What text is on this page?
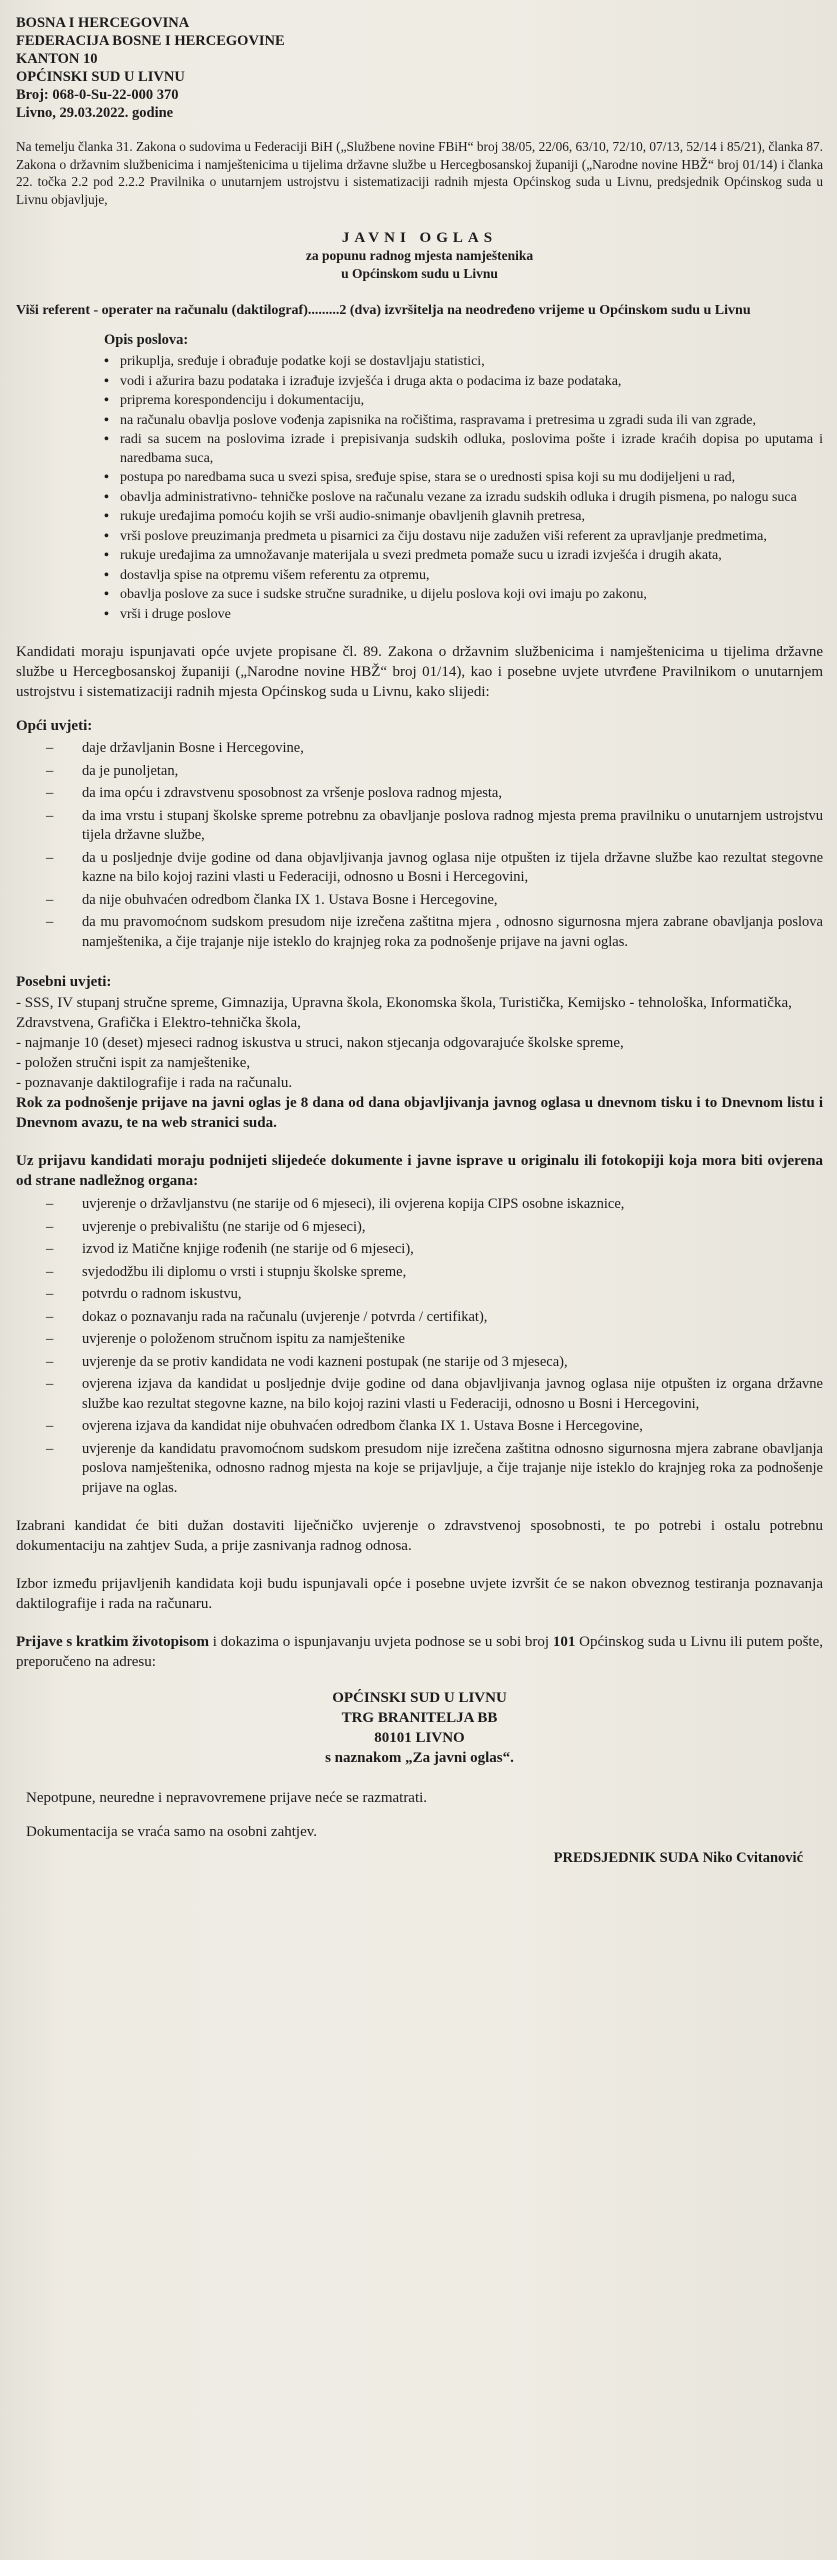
BOSNA I HERCEGOVINA
FEDERACIJA BOSNE I HERCEGOVINE
KANTON 10
OPĆINSKI SUD U LIVNU
Broj: 068-0-Su-22-000 370
Livno, 29.03.2022. godine

Na temelju članka 31. Zakona o sudovima u Federaciji BiH („Službene novine FBiH“ broj 38/05, 22/06, 63/10, 72/10, 07/13, 52/14 i 85/21), članka 87. Zakona o državnim službenicima i namještenicima u tijelima državne službe u Hercegbosanskoj županiji („Narodne novine HBŽ“ broj 01/14) i članka 22. točka 2.2 pod 2.2.2 Pravilnika o unutarnjem ustrojstvu i sistematizaciji radnih mjesta Općinskog suda u Livnu, predsjednik Općinskog suda u Livnu objavljuje,

JAVNI OGLAS
za popunu radnog mjesta namještenika
u Općinskom sudu u Livnu

Viši referent - operater na računalu (daktilograf).........2 (dva) izvršitelja na neodređeno vrijeme u Općinskom sudu u Livnu

Opis poslova:
• prikuplja, sređuje i obrađuje podatke koji se dostavljaju statistici,
• vodi i ažurira bazu podataka i izrađuje izvješća i druga akta o podacima iz baze podataka,
• priprema korespondenciju i dokumentaciju,
• na računalu obavlja poslove vođenja zapisnika na ročištima, raspravama i pretresima u zgradi suda ili van zgrade,
• radi sa sucem na poslovima izrade i prepisivanja sudskih odluka, poslovima pošte i izrade kraćih dopisa po uputama i naredbama suca,
• postupa po naredbama suca u svezi spisa, sređuje spise, stara se o urednosti spisa koji su mu dodijeljeni u rad,
• obavlja administrativno- tehničke poslove na računalu vezane za izradu sudskih odluka i drugih pismena, po nalogu suca
• rukuje uređajima pomoću kojih se vrši audio-snimanje obavljenih glavnih pretresa,
• vrši poslove preuzimanja predmeta u pisarnici za čiju dostavu nije zadužen viši referent za upravljanje predmetima,
• rukuje uređajima za umnožavanje materijala u svezi predmeta pomaže sucu u izradi izvješća i drugih akata,
• dostavlja spise na otpremu višem referentu za otpremu,
• obavlja poslove za suce i sudske stručne suradnike, u dijelu poslova koji ovi imaju po zakonu,
• vrši i druge poslove

Kandidati moraju ispunjavati opće uvjete propisane čl. 89. Zakona o državnim službenicima i namještenicima u tijelima državne službe u Hercegbosanskoj županiji („Narodne novine HBŽ“ broj 01/14), kao i posebne uvjete utvrđene Pravilnikom o unutarnjem ustrojstvu i sistematizaciji radnih mjesta Općinskog suda u Livnu, kako slijedi:

Opći uvjeti:
– daje državljanin Bosne i Hercegovine,
– da je punoljetan,
– da ima opću i zdravstvenu sposobnost za vršenje poslova radnog mjesta,
– da ima vrstu i stupanj školske spreme potrebnu za obavljanje poslova radnog mjesta prema pravilniku o unutarnjem ustrojstvu tijela državne službe,
– da u posljednje dvije godine od dana objavljivanja javnog oglasa nije otpušten iz tijela državne službe kao rezultat stegovne kazne na bilo kojoj razini vlasti u Federaciji, odnosno u Bosni i Hercegovini,
– da nije obuhvaćen odredbom članka IX 1. Ustava Bosne i Hercegovine,
– da mu pravomoćnom sudskom presudom nije izrečena zaštitna mjera , odnosno sigurnosna mjera zabrane obavljanja poslova namještenika, a čije trajanje nije isteklo do krajnjeg roka za podnošenje prijave na javni oglas.
Posebni uvjeti:
- SSS, IV stupanj stručne spreme, Gimnazija, Upravna škola, Ekonomska škola, Turistička, Kemijsko - tehnološka, Informatička, Zdravstvena, Grafička i Elektro-tehnička škola,
- najmanje 10 (deset) mjeseci radnog iskustva u struci, nakon stjecanja odgovarajuće školske spreme,
- položen stručni ispit za namještenike,
- poznavanje daktilografije i rada na računalu.

Rok za podnošenje prijave na javni oglas je 8 dana od dana objavljivanja javnog oglasa u dnevnom tisku i to Dnevnom listu i Dnevnom avazu, te na web stranici suda.

Uz prijavu kandidati moraju podnijeti slijedeće dokumente i javne isprave u originalu ili fotokopiji koja mora biti ovjerena od strane nadležnog organa:

– uvjerenje o državljanstvu (ne starije od 6 mjeseci), ili ovjerena kopija CIPS osobne iskaznice,
– uvjerenje o prebivalištu (ne starije od 6 mjeseci),
– izvod iz Matične knjige rođenih (ne starije od 6 mjeseci),
– svjedodžbu ili diplomu o vrsti i stupnju školske spreme,
– potvrdu o radnom iskustvu,
– dokaz o poznavanju rada na računalu (uvjerenje / potvrda / certifikat),
– uvjerenje o položenom stručnom ispitu za namještenike
– uvjerenje da se protiv kandidata ne vodi kazneni postupak (ne starije od 3 mjeseca),
– ovjerena izjava da kandidat u posljednje dvije godine od dana objavljivanja javnog oglasa nije otpušten iz organa državne službe kao rezultat stegovne kazne, na bilo kojoj razini vlasti u Federaciji, odnosno u Bosni i Hercegovini,
– ovjerena izjava da kandidat nije obuhvaćen odredbom članka IX 1. Ustava Bosne i Hercegovine,
– uvjerenje da kandidatu pravomoćnom sudskom presudom nije izrečena zaštitna odnosno sigurnosna mjera zabrane obavljanja poslova namještenika, odnosno radnog mjesta na koje se prijavljuje, a čije trajanje nije isteklo do krajnjeg roka za podnošenje prijave na oglas.

Izabrani kandidat će biti dužan dostaviti liječničko uvjerenje o zdravstvenoj sposobnosti, te po potrebi i ostalu potrebnu dokumentaciju na zahtjev Suda, a prije zasnivanja radnog odnosa.

Izbor između prijavljenih kandidata koji budu ispunjavali opće i posebne uvjete izvršit će se nakon obveznog testiranja poznavanja daktilografije i rada na računaru.

Prijave s kratkim životopisom i dokazima o ispunjavanju uvjeta podnose se u sobi broj 101 Općinskog suda u Livnu ili putem pošte, preporučeno na adresu:

OPĆINSKI SUD U LIVNU
TRG BRANITELJA BB
80101 LIVNO
s naznakom „Za javni oglas“.

Nepotpune, neuredne i nepravovremene prijave neće se razmatrati.

Dokumentacija se vraća samo na osobni zahtjev.

PREDSJEDNIK SUDA Niko Cvitanović
